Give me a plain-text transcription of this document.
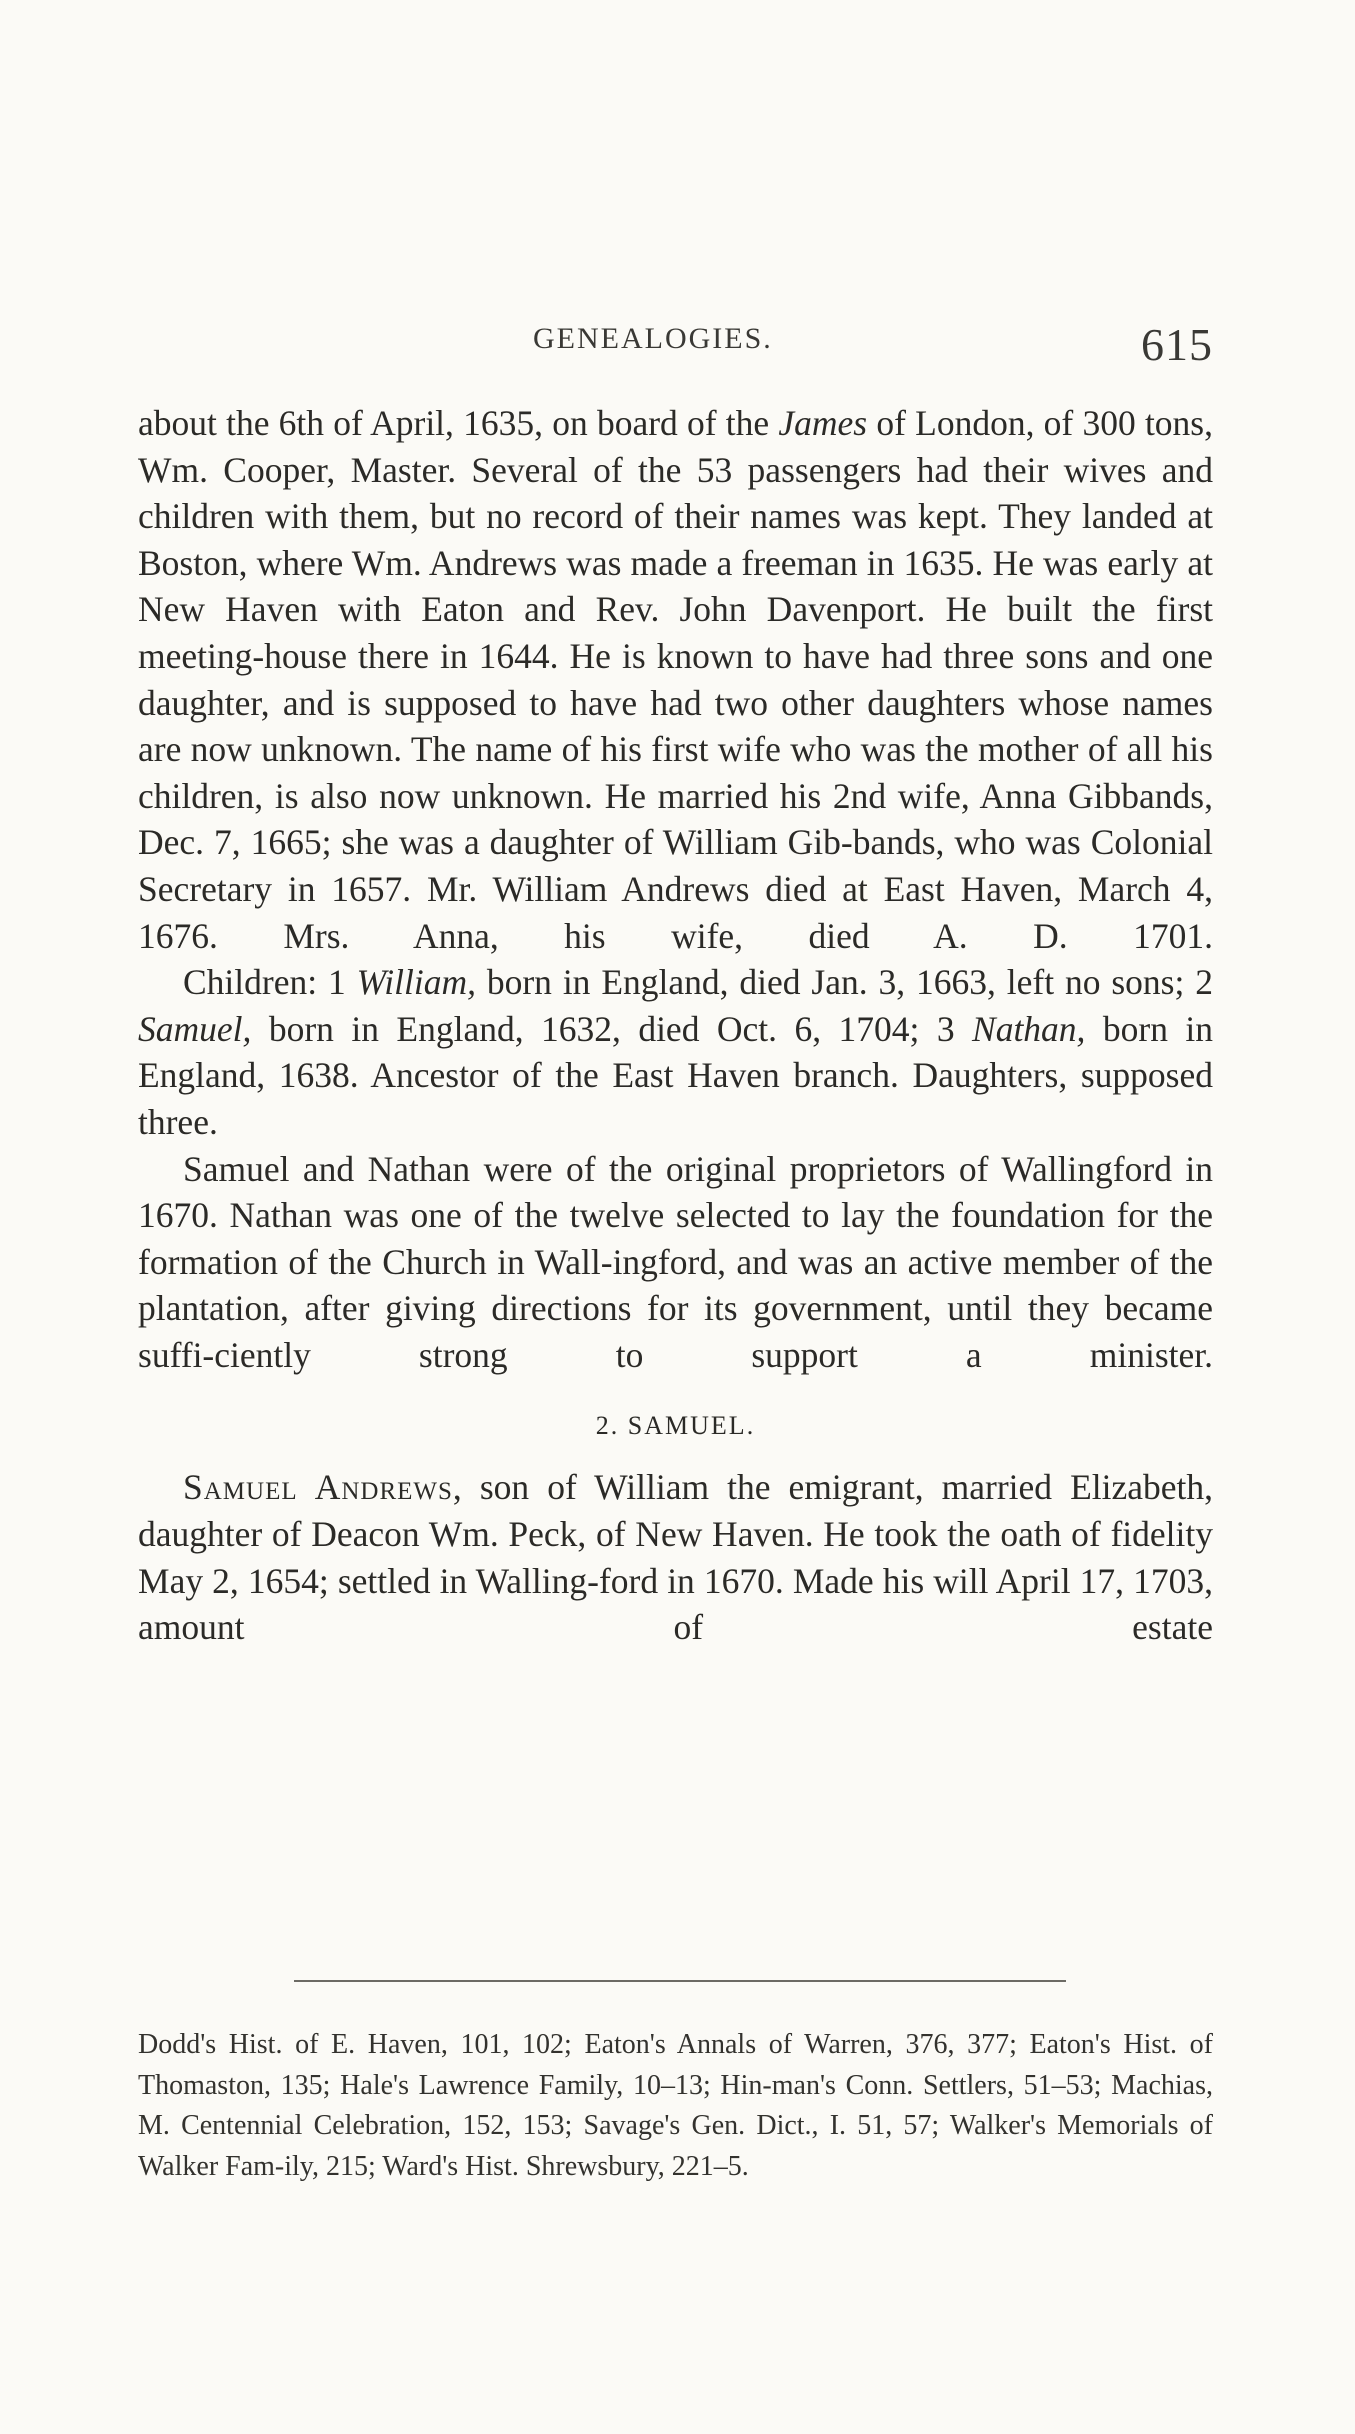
GENEALOGIES.	615

about the 6th of April, 1635, on board of the James of London, of 300 tons, Wm. Cooper, Master. Several of the 53 passengers had their wives and children with them, but no record of their names was kept. They landed at Boston, where Wm. Andrews was made a freeman in 1635. He was early at New Haven with Eaton and Rev. John Davenport. He built the first meeting-house there in 1644. He is known to have had three sons and one daughter, and is supposed to have had two other daughters whose names are now unknown. The name of his first wife who was the mother of all his children, is also now unknown. He married his 2nd wife, Anna Gibbands, Dec. 7, 1665; she was a daughter of William Gib-bands, who was Colonial Secretary in 1657. Mr. William Andrews died at East Haven, March 4, 1676. Mrs. Anna, his wife, died A. D. 1701.

Children: 1 William, born in England, died Jan. 3, 1663, left no sons; 2 Samuel, born in England, 1632, died Oct. 6, 1704; 3 Nathan, born in England, 1638. Ancestor of the East Haven branch. Daughters, supposed three.

Samuel and Nathan were of the original proprietors of Wallingford in 1670. Nathan was one of the twelve selected to lay the foundation for the formation of the Church in Wall-ingford, and was an active member of the plantation, after giving directions for its government, until they became suffi-ciently strong to support a minister.

2. SAMUEL.

Samuel Andrews, son of William the emigrant, married Elizabeth, daughter of Deacon Wm. Peck, of New Haven. He took the oath of fidelity May 2, 1654; settled in Walling-ford in 1670. Made his will April 17, 1703, amount of estate

Dodd's Hist. of E. Haven, 101, 102; Eaton's Annals of Warren, 376, 377; Eaton's Hist. of Thomaston, 135; Hale's Lawrence Family, 10–13; Hin-man's Conn. Settlers, 51–53; Machias, M. Centennial Celebration, 152, 153; Savage's Gen. Dict., I. 51, 57; Walker's Memorials of Walker Fam-ily, 215; Ward's Hist. Shrewsbury, 221–5.
